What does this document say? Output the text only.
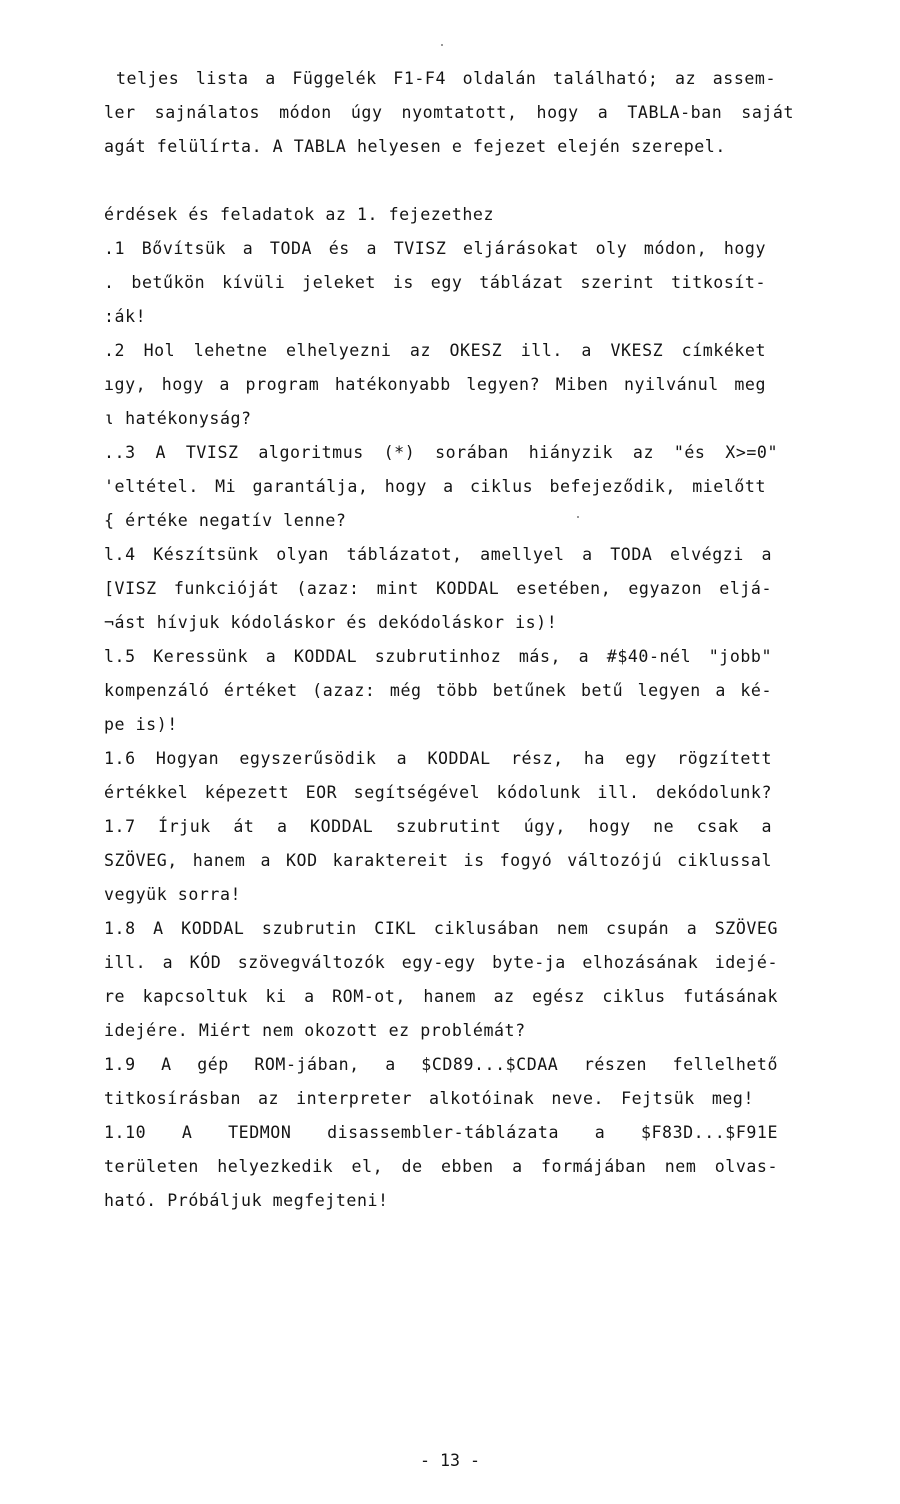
teljes lista a Függelék F1-F4 oldalán található; az assem-
ler sajnálatos módon úgy nyomtatott, hogy a TABLA-ban saját
agát felülírta. A TABLA helyesen e fejezet elején szerepel.
érdések és feladatok az 1. fejezethez
.1 Bővítsük a TODA és a TVISZ eljárásokat oly módon, hogy
. betűkön kívüli jeleket is egy táblázat szerint titkosít-
:ák!
.2 Hol lehetne elhelyezni az OKESZ ill. a VKESZ címkéket
ıgy, hogy a program hatékonyabb legyen? Miben nyilvánul meg
ι hatékonyság?
..3 A TVISZ algoritmus (*) sorában hiányzik az "és X>=0"
'eltétel. Mi garantálja, hogy a ciklus befejeződik, mielőtt
{ értéke negatív lenne?
l.4 Készítsünk olyan táblázatot, amellyel a TODA elvégzi a
[VISZ funkcióját (azaz: mint KODDAL esetében, egyazon eljá-
¬ást hívjuk kódoláskor és dekódoláskor is)!
l.5 Keressünk a KODDAL szubrutinhoz más, a #$40-nél "jobb"
kompenzáló értéket (azaz: még több betűnek betű legyen a ké-
pe is)!
1.6 Hogyan egyszerűsödik a KODDAL rész, ha egy rögzített
értékkel képezett EOR segítségével kódolunk ill. dekódolunk?
1.7 Írjuk át a KODDAL szubrutint úgy, hogy ne csak a
SZÖVEG, hanem a KOD karaktereit is fogyó változójú ciklussal
vegyük sorra!
1.8 A KODDAL szubrutin CIKL ciklusában nem csupán a SZÖVEG
ill. a KÓD szövegváltozók egy-egy byte-ja elhozásának idejé-
re kapcsoltuk ki a ROM-ot, hanem az egész ciklus futásának
idejére. Miért nem okozott ez problémát?
1.9 A gép ROM-jában, a $CD89...$CDAA részen fellelhető
titkosírásban az interpreter alkotóinak neve. Fejtsük meg!
1.10 A TEDMON disassembler-táblázata a $F83D...$F91E
területen helyezkedik el, de ebben a formájában nem olvas-
ható. Próbáljuk megfejteni!
- 13 -
